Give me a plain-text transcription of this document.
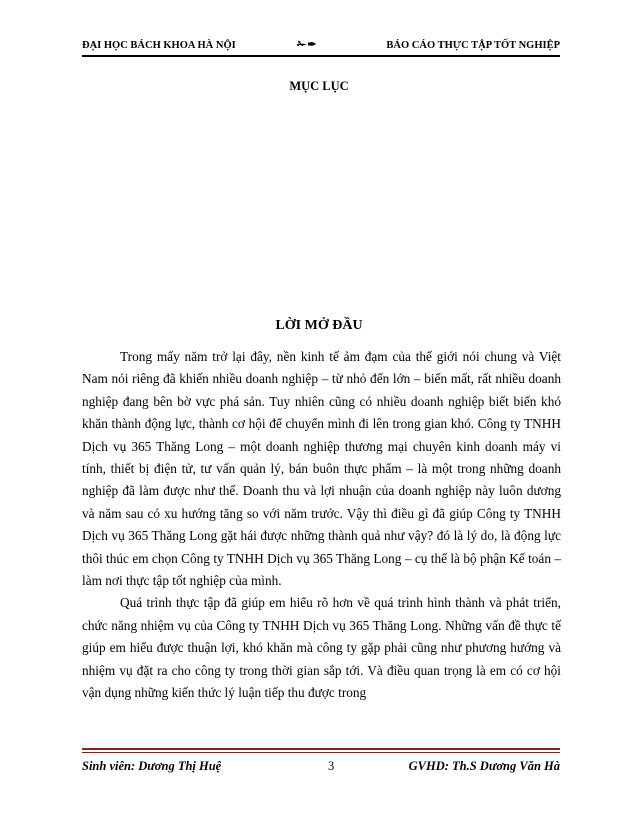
ĐẠI HỌC BÁCH KHOA HÀ NỘI	✁✒	BÁO CÁO THỰC TẬP TỐT NGHIỆP
MỤC LỤC
LỜI MỞ ĐẦU

Trong mấy năm trở lại đây, nền kinh tế ảm đạm của thế giới nói chung và Việt Nam nói riêng đã khiến nhiều doanh nghiệp – từ nhỏ đến lớn – biến mất, rất nhiều doanh nghiệp đang bên bờ vực phá sản. Tuy nhiên cũng có nhiều doanh nghiệp biết biến khó khăn thành động lực, thành cơ hội để chuyển mình đi lên trong gian khó. Công ty TNHH Dịch vụ 365 Thăng Long – một doanh nghiệp thương mại chuyên kinh doanh máy vi tính, thiết bị điện tử, tư vấn quản lý, bán buôn thực phẩm – là một trong những doanh nghiệp đã làm được như thế. Doanh thu và lợi nhuận của doanh nghiệp này luôn dương và năm sau có xu hướng tăng so với năm trước. Vậy thì điều gì đã giúp Công ty TNHH Dịch vụ 365 Thăng Long gặt hái được những thành quả như vậy? đó là lý do, là động lực thôi thúc em chọn Công ty TNHH Dịch vụ 365 Thăng Long – cụ thể là bộ phận Kế toán – làm nơi thực tập tốt nghiệp của mình.

Quá trình thực tập đã giúp em hiểu rõ hơn về quá trình hình thành và phát triển, chức năng nhiệm vụ của Công ty TNHH Dịch vụ 365 Thăng Long. Những vấn đề thực tế giúp em hiểu được thuận lợi, khó khăn mà công ty gặp phải cũng như phương hướng và nhiệm vụ đặt ra cho công ty trong thời gian sắp tới. Và điều quan trọng là em có cơ hội vận dụng những kiến thức lý luận tiếp thu được trong

Sinh viên: Dương Thị Huệ	3	GVHD: Th.S Dương Văn Hà
